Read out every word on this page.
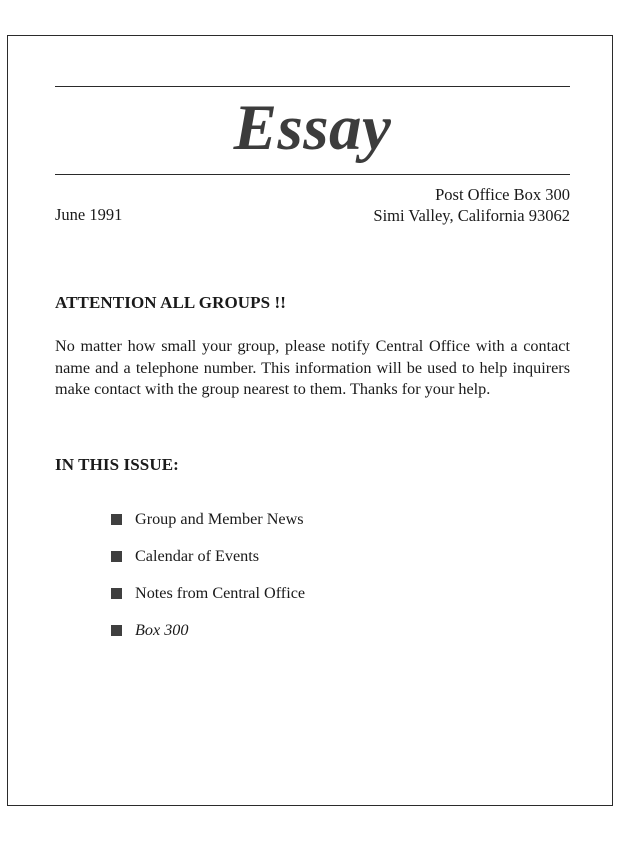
Essay
June 1991
Post Office Box 300
Simi Valley, California 93062
ATTENTION ALL GROUPS !!

No matter how small your group, please notify Central Office with a contact name and a telephone number. This information will be used to help inquirers make contact with the group nearest to them. Thanks for your help.

IN THIS ISSUE:
Group and Member News
Calendar of Events
Notes from Central Office
Box 300
